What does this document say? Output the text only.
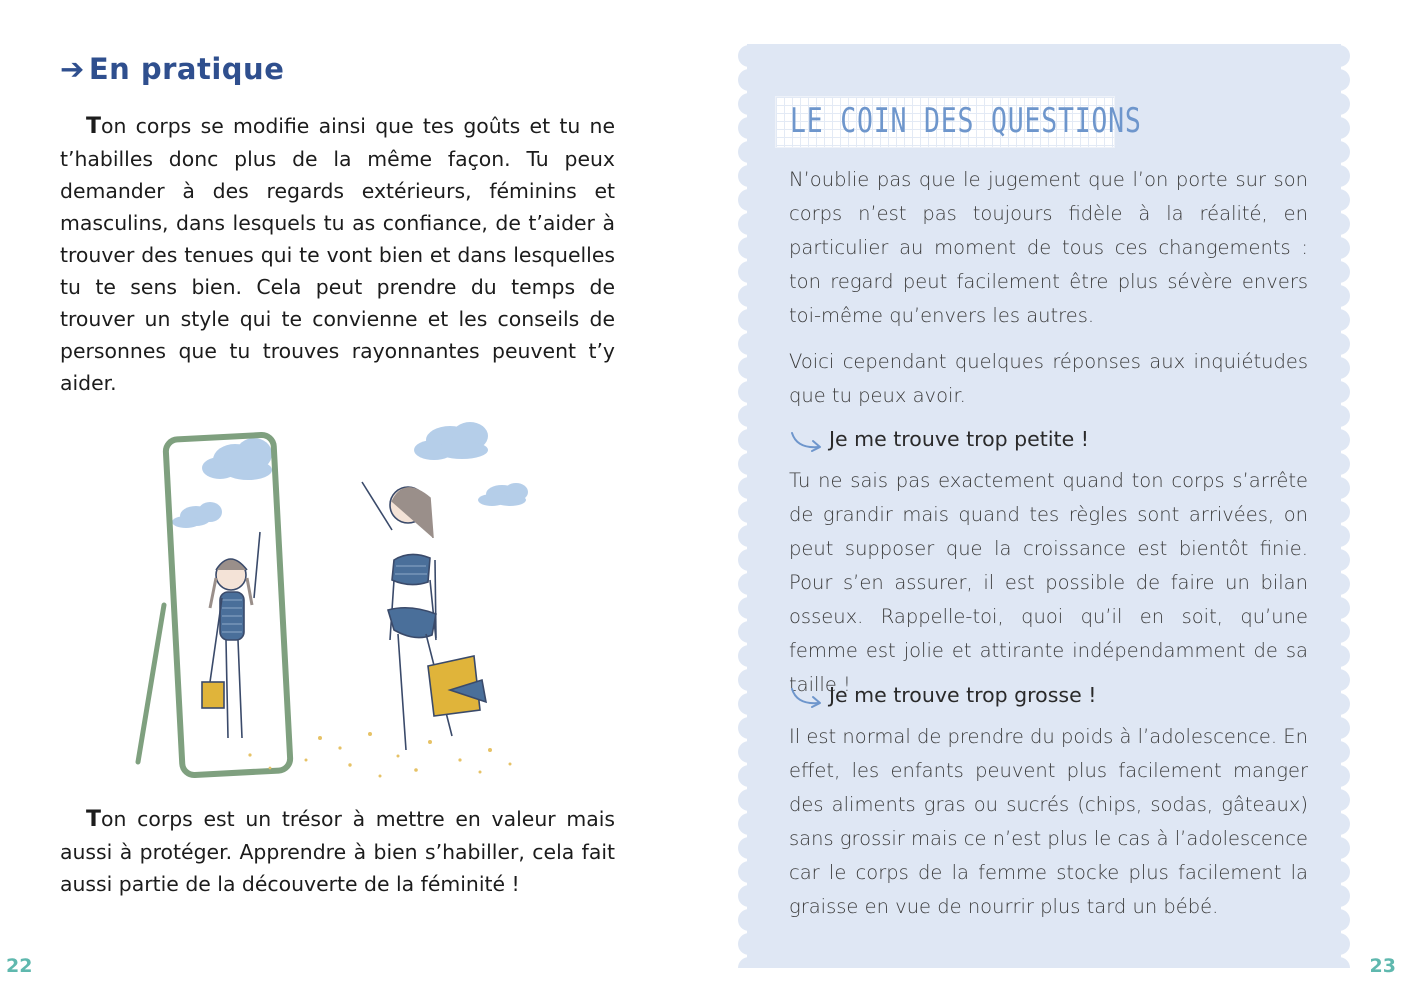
➔ En pratique

Ton corps se modifie ainsi que tes goûts et tu ne t’habilles donc plus de la même façon. Tu peux demander à des regards extérieurs, féminins et masculins, dans lesquels tu as confiance, de t’aider à trouver des tenues qui te vont bien et dans lesquelles tu te sens bien. Cela peut prendre du temps de trouver un style qui te convienne et les conseils de personnes que tu trouves rayonnantes peuvent t’y aider.

Ton corps est un trésor à mettre en valeur mais aussi à protéger. Apprendre à bien s’habiller, cela fait aussi partie de la découverte de la féminité !

22
LE COIN DES QUESTIONS

N’oublie pas que le jugement que l’on porte sur son corps n’est pas toujours fidèle à la réalité, en particulier au moment de tous ces changements : ton regard peut facilement être plus sévère envers toi-même qu’envers les autres.

Voici cependant quelques réponses aux inquiétudes que tu peux avoir.

Je me trouve trop petite !

Tu ne sais pas exactement quand ton corps s’arrête de grandir mais quand tes règles sont arrivées, on peut supposer que la croissance est bientôt finie. Pour s’en assurer, il est possible de faire un bilan osseux. Rappelle-toi, quoi qu’il en soit, qu’une femme est jolie et attirante indépendamment de sa taille !

Je me trouve trop grosse !

Il est normal de prendre du poids à l’adolescence. En effet, les enfants peuvent plus facilement manger des aliments gras ou sucrés (chips, sodas, gâteaux) sans grossir mais ce n’est plus le cas à l’adolescence car le corps de la femme stocke plus facilement la graisse en vue de nourrir plus tard un bébé.

23
